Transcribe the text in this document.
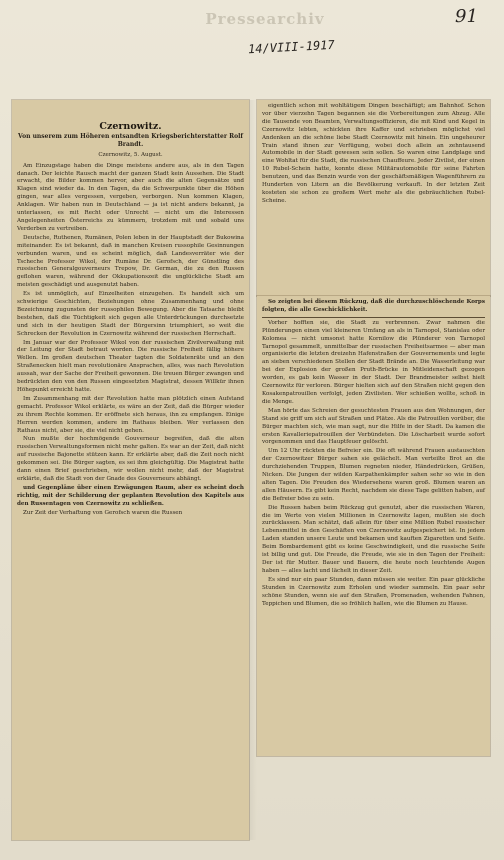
Pressearchiv
14/VIII-1917
91
Czernowitz.
Von unserem zum Höheren entsandten Kriegsberichterstatter Rolf Brandt.
Czernowitz, 5. August.

Am Einzugstage haben die Dinge meistens andere aus, als in den Tagen danach. Der leichte Rausch macht der ganzen Stadt kein Aussehen. Die Stadt erwacht, die Bilder kommen hervor, aber auch die alten Gegensätze und Klagen sind wieder da. In den Tagen, da die Schwerpunkte über die Höhen gingen, war alles vergessen, vergeben, verborgen. Nun kommen Klagen, Anklagen. Wir haben nun in Deutschland — ja ist nicht anders bekannt, ja unterlassen, es mit Recht oder Unrecht — nicht um die Interessen Angelegenheiten Österreichs zu kümmern, trotzdem mit und sobald uns Verderben zu vertreiben.

Deutsche, Ruthenen, Rumänen, Polen leben in der Hauptstadt der Bukowina miteinander. Es ist bekannt, daß in manchen Kreisen russophile Gesinnungen verbunden waren, und es scheint möglich, daß Landesverräter wie der Tscheche Professor Wikol, der Rumäne Dr. Gerofsch, der Günstling des russischen Generalgouverneurs Trepow, Dr. German, die zu den Russen geflohen waren, während der Okkupationszeit die unglückliche Stadt am meisten geschädigt und ausgenutzt haben.

Es ist unmöglich, auf Einzelheiten einzugehen. Es handelt sich um schwierige Geschichten, Beziehungen ohne Zusammenhang und ohne Bezeichnung zugunsten der russophilen Bewegung. Aber die Tatsache bleibt bestehen, daß die Tüchtigkeit sich gegen alle Unterdrückungen durchsetzte und sich in der heutigen Stadt der Bürgersinn triumphiert, so weit die Schrecken der Revolution in Czernowitz während der russischen Herrschaft.

Im Januar war der Professor Wikol von der russischen Zivilverwaltung mit der Leitung der Stadt betraut worden. Die russische Freiheit fällig höhere Wellen. Im großen deutschen Theater tagten die Soldatenräte und an den Straßenecken hielt man revolutionäre Ansprachen, alles, was nach Revolution aussah, war der Sache der Freiheit gewonnen. Die treuen Bürger zwangen und bedrückten den von den Russen eingesetzten Magistrat, dessen Willkür ihnen Höhepunkt erreicht hatte.

Im Zusammenhang mit der Revolution hatte man plötzlich einen Aufstand gemacht. Professor Wikol erklärte, es wäre an der Zeit, daß die Bürger wieder zu ihrem Rechte kommen. Er eröffnete sich heraus, ihn zu empfangen. Einige Herren werden kommen, andere im Rathaus bleiben. Wer verlassen den Rathaus nicht, aber sie, die viel nicht gehen.

Nun mußte der hochmögende Gouverneur begreifen, daß die alten russischen Verwaltungsformen nicht mehr galten. Es war an der Zeit, daß nicht auf russische Bajonette stützen kann. Er erklärte aber, daß die Zeit noch nicht gekommen sei. Die Bürger sagten, es sei ihm gleichgültig. Die Magistrat hatte dann einen Brief geschrieben, wir wollen nicht mehr, daß der Magistrat erklärte, daß die Stadt von der Gnade des Gouverneurs abhängt.

und Gegenpläne über einen Erwägungen Raum, aber es scheint doch richtig, mit der Schilderung der geplanten Revolution des Kapitels aus den Russentagen von Czernowitz zu schließen.

Zur Zeit der Verhaftung von Gerofsch waren die Russen

eigentlich schon mit wohltätigem Dingen beschäftigt; am Bahnhof. Schon vor über vierzehn Tagen begannen sie die Vorbereitungen zum Abzug. Alle die Tausende von Beamten, Verwaltungsoffizieren, die mit Kind und Kegel in Czernowitz lebten, schickten ihre Kaffer und schrieben möglichst viel Andenken an die schöne liebe Stadt Czernowitz mit hinein. Ein ungeheurer Train stand ihnen zur Verfügung, wobei doch allein an zehntausend Automobile in der Stadt gewesen sein sollen. So waren eine Landplage und eine Wohltat für die Stadt, die russischen Chauffeure. Jeder Zivilist, der einen 10 Rubel-Schein hatte, konnte diese Militärautomobile für seine Fahrten benutzen, und das Benzin wurde von der geschäftsmäßigen Wagenführern zu Hunderten von Litern an die Bevölkerung verkauft. In der letzten Zeit kosteten sie schon zu großem Wert mehr als die gebräuchlichen Rubel-Scheine.

So zeigten bei diesem Rückzug, daß die durchzuschlöschende Korps folgten, die alle Geschicklichkeit.

Vorher hofften sie, die Stadt zu verbrennen. Zwar nahmen die Plünderungen einen viel kleineren Umfang an als in Tarnopol, Stanislau oder Kolomea — nicht umsonst hatte Kornilow die Plünderer von Tarnopol Tarnopol gesammelt, unmittelbar der russischen Freiheitsarmee — aber man organisierte die letzten dreizehn Hafenstraßen der Gouvernements und legte an sieben verschiedenen Stellen der Stadt Brände an. Die Wasserleitung war bei der Explosion der großen Pruth-Brücke in Mitleidenschaft gezogen worden, es gab kein Wasser in der Stadt. Der Brandmeister selbst hielt Czernowitz für verloren. Bürger hielten sich auf den Straßen nicht gegen den Kosakenpatrouillen verfolgt, jeden Zivilisten. Wer schießen wollte, schoß in die Menge.

Man hörte das Schreien der gesuchtesten Frauen aus den Wohnungen, der Stand sie griff um sich auf Straßen und Plätze. Als die Patrouillen vorüber, die Bürger machten sich, wie man sagt, nur die Hilfe in der Stadt. Da kamen die ersten Kavalleriepatrouillen der Verbündeten. Die Löscharbeit wurde sofort vorgenommen und das Hauptfeuer gelöscht.

Um 12 Uhr rückten die Befreier ein. Die oft während Frauen austauschten der Czernowitzer Bürger sahen sie gelächelt. Man verteilte Brot an die durchziehenden Truppen, Blumen regneten nieder, Händedrücken, Grüßen, Nicken. Die Jungen der wilden Karpathenkämpfer sahen sehr so wie in den alten Tagen. Die Freuden des Wiedersehens waren groß. Blumen waren an allen Häusern. Es gibt kein Recht, nachdem sie diese Tage gelitten haben, auf die Befreier böse zu sein.

Die Russen haben beim Rückzug gut genutzt, aber die russischen Waren, die im Werte von vielen Millionen in Czernowitz lagen, mußten sie doch zurücklassen. Man schätzt, daß allein für über eine Million Rubel russischer Lebensmittel in den Geschäften von Czernowitz aufgespeichert ist. In jedem Laden standen unsere Leute und bekamen und kauften Zigaretten und Seife. Beim Bombardement gibt es keine Geschwindigkeit, und die russische Seife ist billig und gut. Die Freude, die Freude, wie sie in den Tagen der Freiheit: Der ist für Mutter. Bauer und Bauern, die heute noch leuchtende Augen haben — alles lacht und lächelt in dieser Zeit.

Es sind nur ein paar Stunden, dann müssen sie weiter. Ein paar glückliche Stunden in Czernowitz zum Erholen und wieder sammeln. Ein paar sehr schöne Stunden, wenn sie auf den Straßen, Promenaden, wehenden Fahnen, Teppichen und Blumen, die so fröhlich hallen, wie die Blumen zu Hause.
